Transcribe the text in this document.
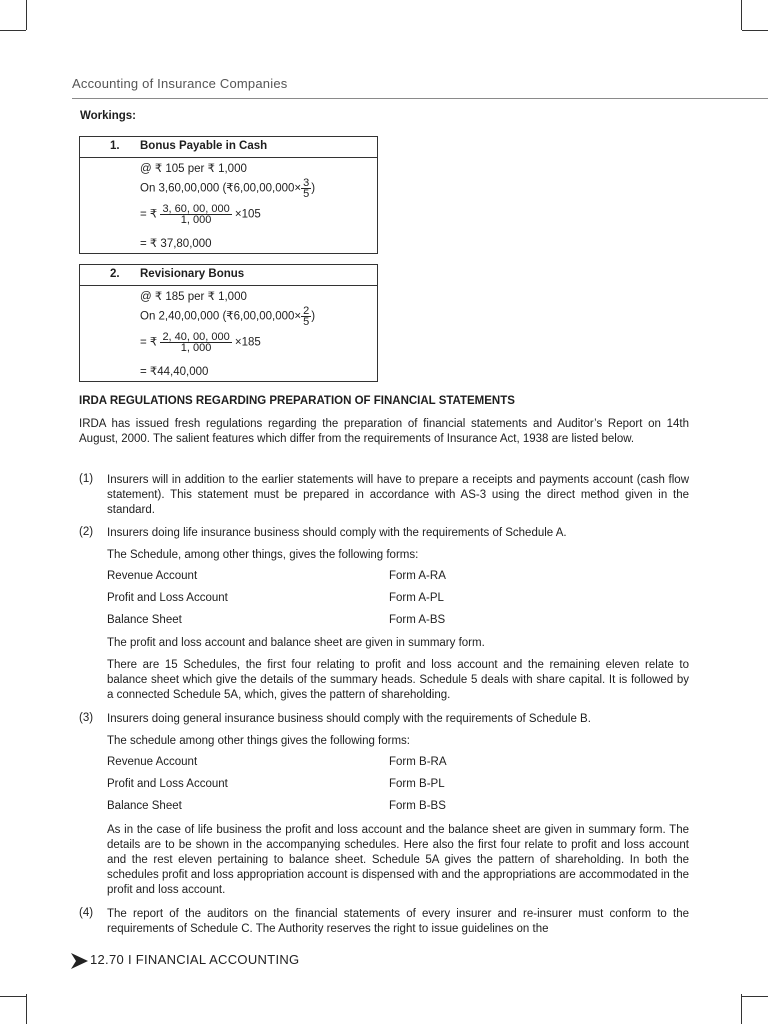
Accounting of Insurance Companies
Workings:
1. Bonus Payable in Cash
@ ₹ 105 per ₹ 1,000
On 3,60,00,000 (₹6,00,00,000× $\frac{3}{5}$ )
= ₹ $\frac{3, 60, 00, 000}{1, 000} \times 105$
= ₹ 37,80,000
2. Revisionary Bonus
@ ₹ 185 per ₹ 1,000
On 2,40,00,000 (₹6,00,00,000× $\frac{2}{5}$ )
= ₹ $\frac{2, 40, 00, 000}{1, 000} \times 185$
= ₹44,40,000
IRDA REGULATIONS REGARDING PREPARATION OF FINANCIAL STATEMENTS
IRDA has issued fresh regulations regarding the preparation of financial statements and Auditor’s Report on 14th August, 2000. The salient features which differ from the requirements of Insurance Act, 1938 are listed below.
(1) Insurers will in addition to the earlier statements will have to prepare a receipts and payments account (cash flow statement). This statement must be prepared in accordance with AS-3 using the direct method given in the standard.
(2) Insurers doing life insurance business should comply with the requirements of Schedule A.
The Schedule, among other things, gives the following forms:
Revenue Account	Form A-RA
Profit and Loss Account	Form A-PL
Balance Sheet	Form A-BS
The profit and loss account and balance sheet are given in summary form.
There are 15 Schedules, the first four relating to profit and loss account and the remaining eleven relate to balance sheet which give the details of the summary heads. Schedule 5 deals with share capital. It is followed by a connected Schedule 5A, which, gives the pattern of shareholding.
(3) Insurers doing general insurance business should comply with the requirements of Schedule B.
The schedule among other things gives the following forms:
Revenue Account	Form B-RA
Profit and Loss Account	Form B-PL
Balance Sheet	Form B-BS
As in the case of life business the profit and loss account and the balance sheet are given in summary form. The details are to be shown in the accompanying schedules. Here also the first four relate to profit and loss account and the rest eleven pertaining to balance sheet. Schedule 5A gives the pattern of shareholding. In both the schedules profit and loss appropriation account is dispensed with and the appropriations are accommodated in the profit and loss account.
(4) The report of the auditors on the financial statements of every insurer and re-insurer must conform to the requirements of Schedule C. The Authority reserves the right to issue guidelines on the
12.70 I FINANCIAL ACCOUNTING
